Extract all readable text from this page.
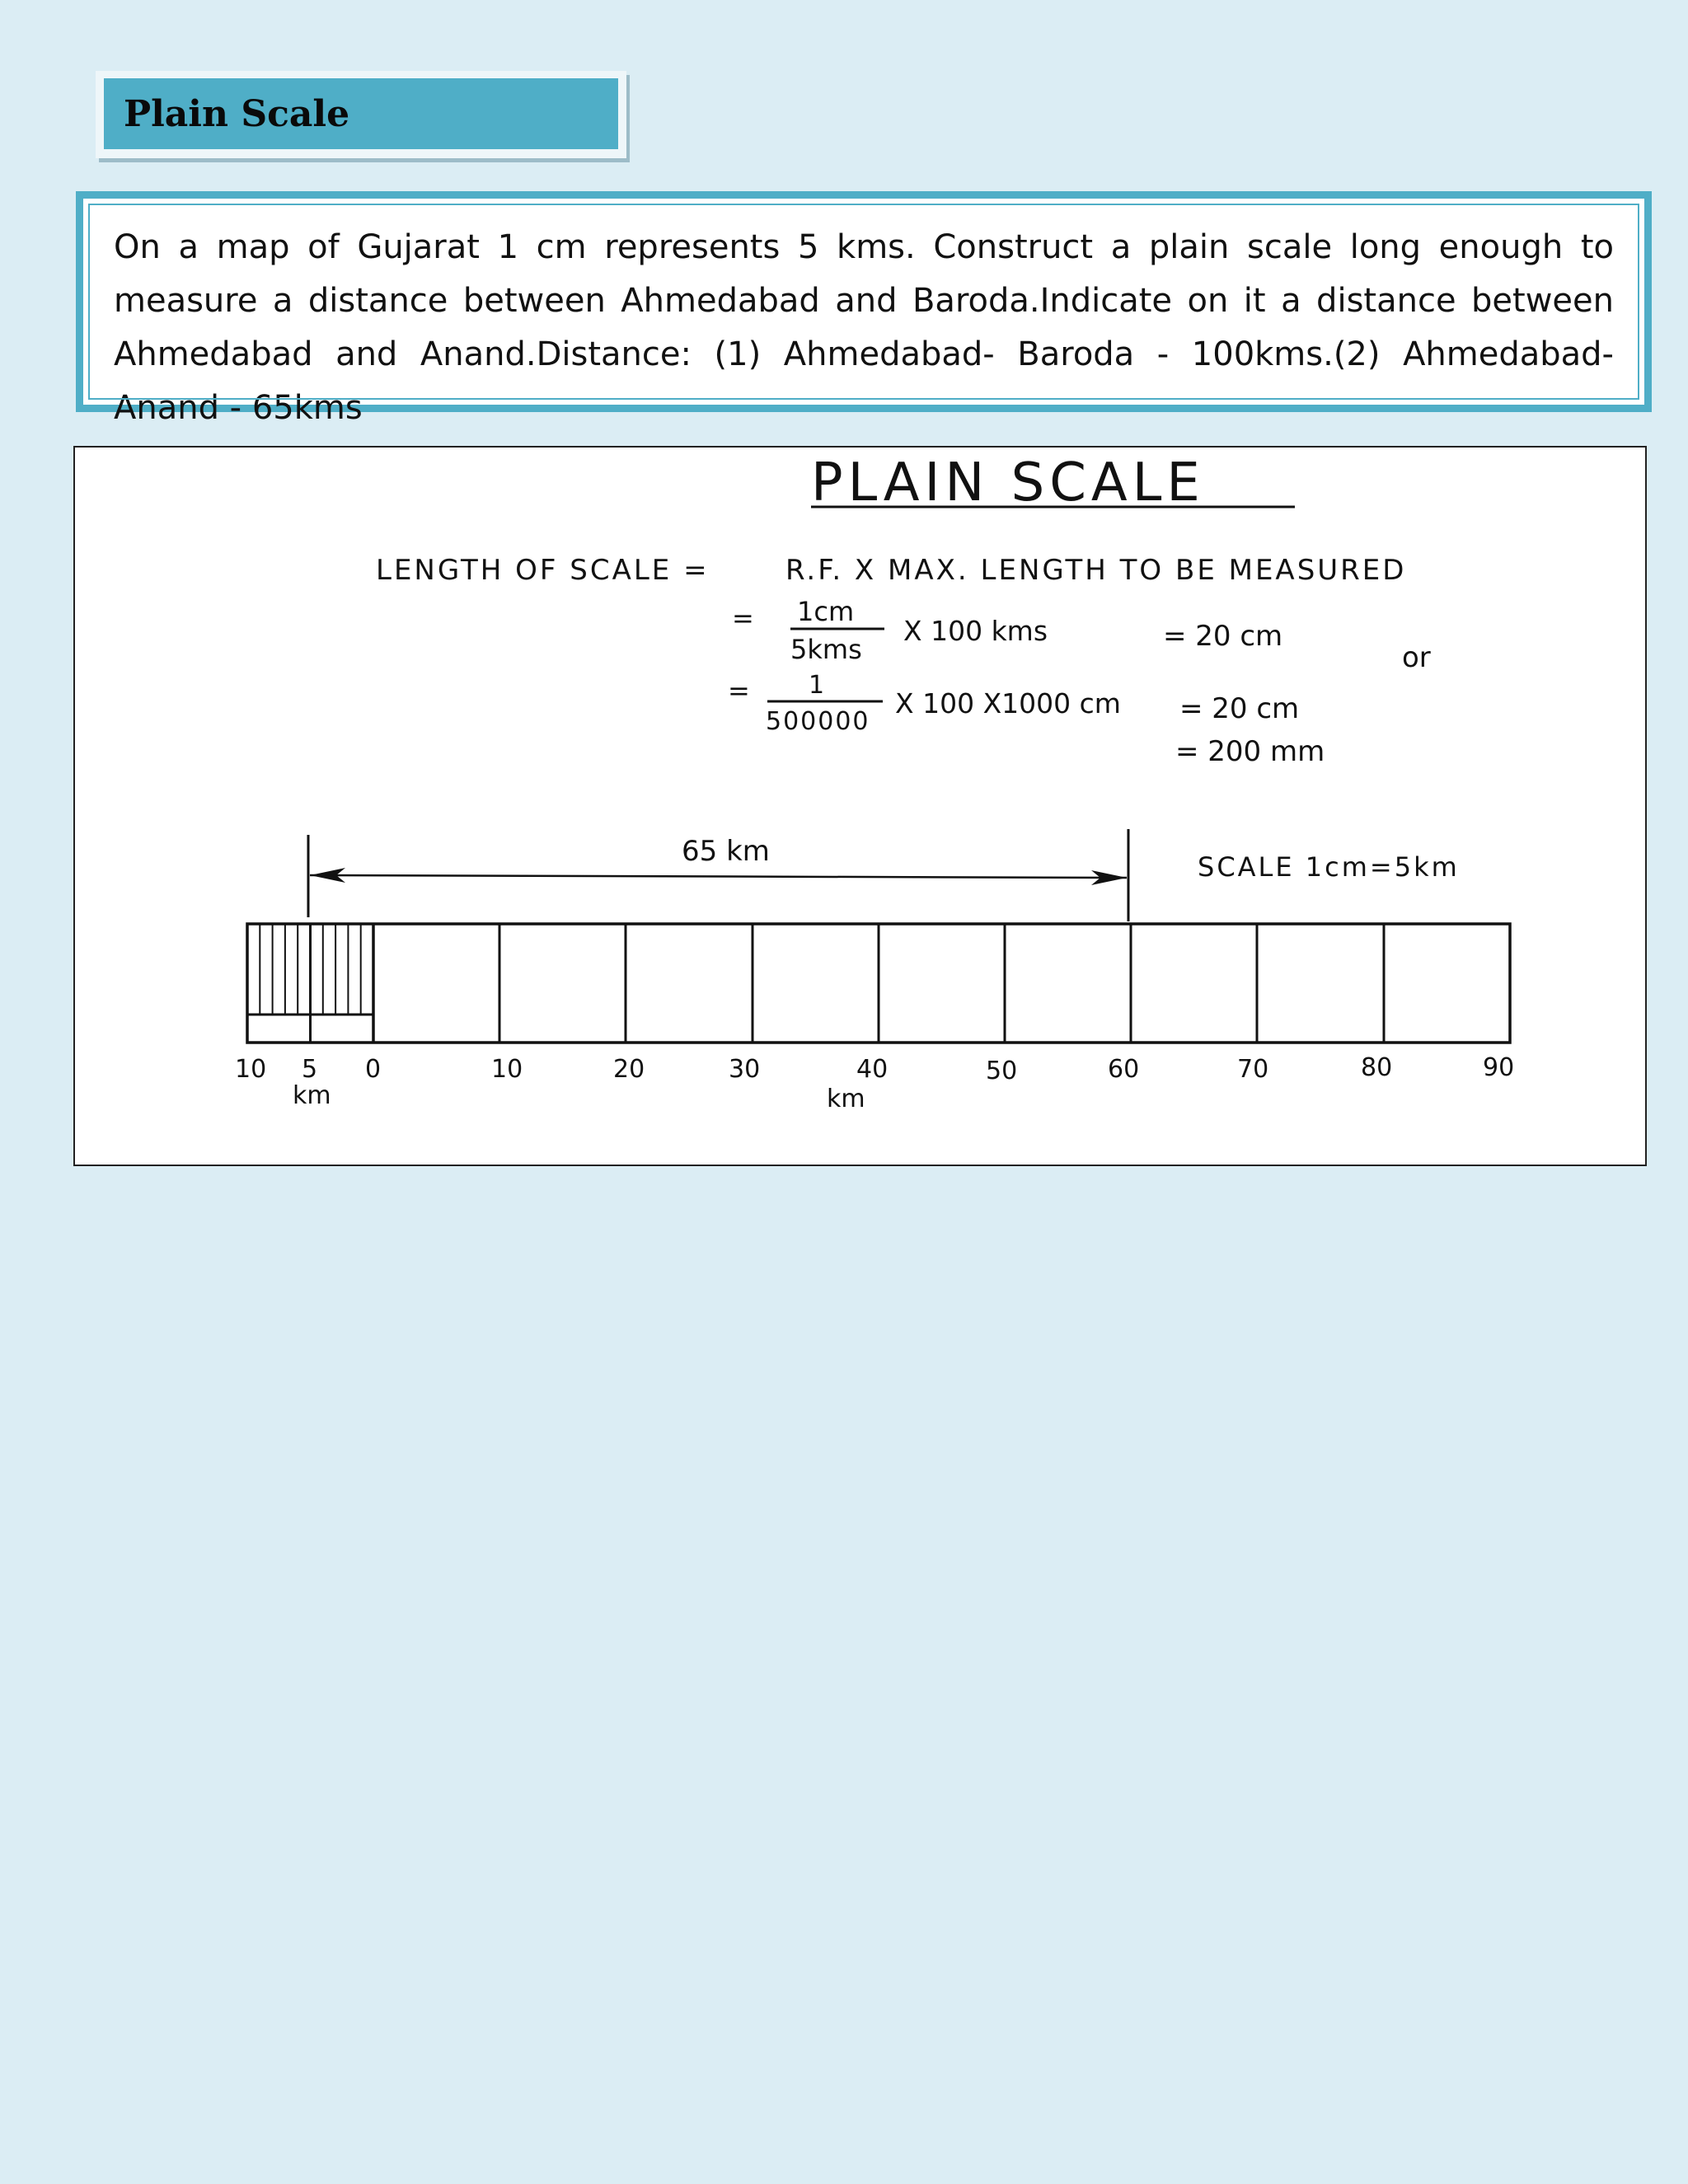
Plain Scale

On a map of Gujarat 1 cm represents 5 kms. Construct a plain scale long enough to measure a distance between Ahmedabad and Baroda.Indicate on it a distance between Ahmedabad and Anand.Distance: (1) Ahmedabad- Baroda - 100kms.(2) Ahmedabad- Anand - 65kms

PLAIN SCALE
LENGTH OF SCALE =	R.F. X MAX. LENGTH TO BE MEASURED
= 1cm
5kms
X 100 kms	= 20 cm
or
= 1
500000
X 100 X1000 cm = 20 cm
= 200 mm
65 km	SCALE 1cm=5km
10 5 0	10	20	30	40	50	60	70	80	90
km	km
